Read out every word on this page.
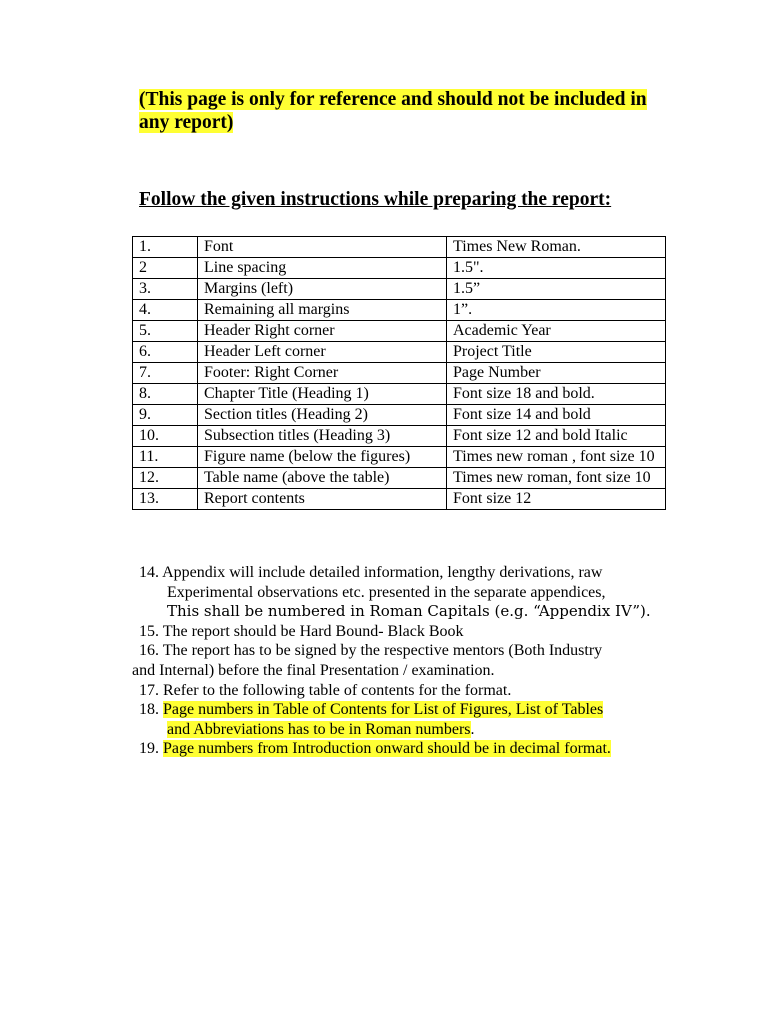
(This page is only for reference and should not be included in any report)

Follow the given instructions while preparing the report:

1.	Font	Times New Roman.
2	Line spacing	1.5".
3.	Margins (left)	1.5”
4.	Remaining all margins	1”.
5.	Header Right corner	Academic Year
6.	Header Left corner	Project Title
7.	Footer: Right Corner	Page Number
8.	Chapter Title (Heading 1)	Font size 18 and bold.
9.	Section titles (Heading 2)	Font size 14 and bold
10.	Subsection titles (Heading 3)	Font size 12 and bold Italic
11.	Figure name (below the figures)	Times new roman , font size 10
12.	Table name (above the table)	Times new roman, font size 10
13.	Report contents	Font size 12

14. Appendix will include detailed information, lengthy derivations, raw

Experimental observations etc. presented in the separate appendices,

This shall be numbered in Roman Capitals (e.g. “Appendix IV”).

15. The report should be Hard Bound- Black Book

16. The report has to be signed by the respective mentors (Both Industry

and Internal) before the final Presentation / examination.

17. Refer to the following table of contents for the format.

18. Page numbers in Table of Contents for List of Figures, List of Tables

and Abbreviations has to be in Roman numbers.

19. Page numbers from Introduction onward should be in decimal format.
